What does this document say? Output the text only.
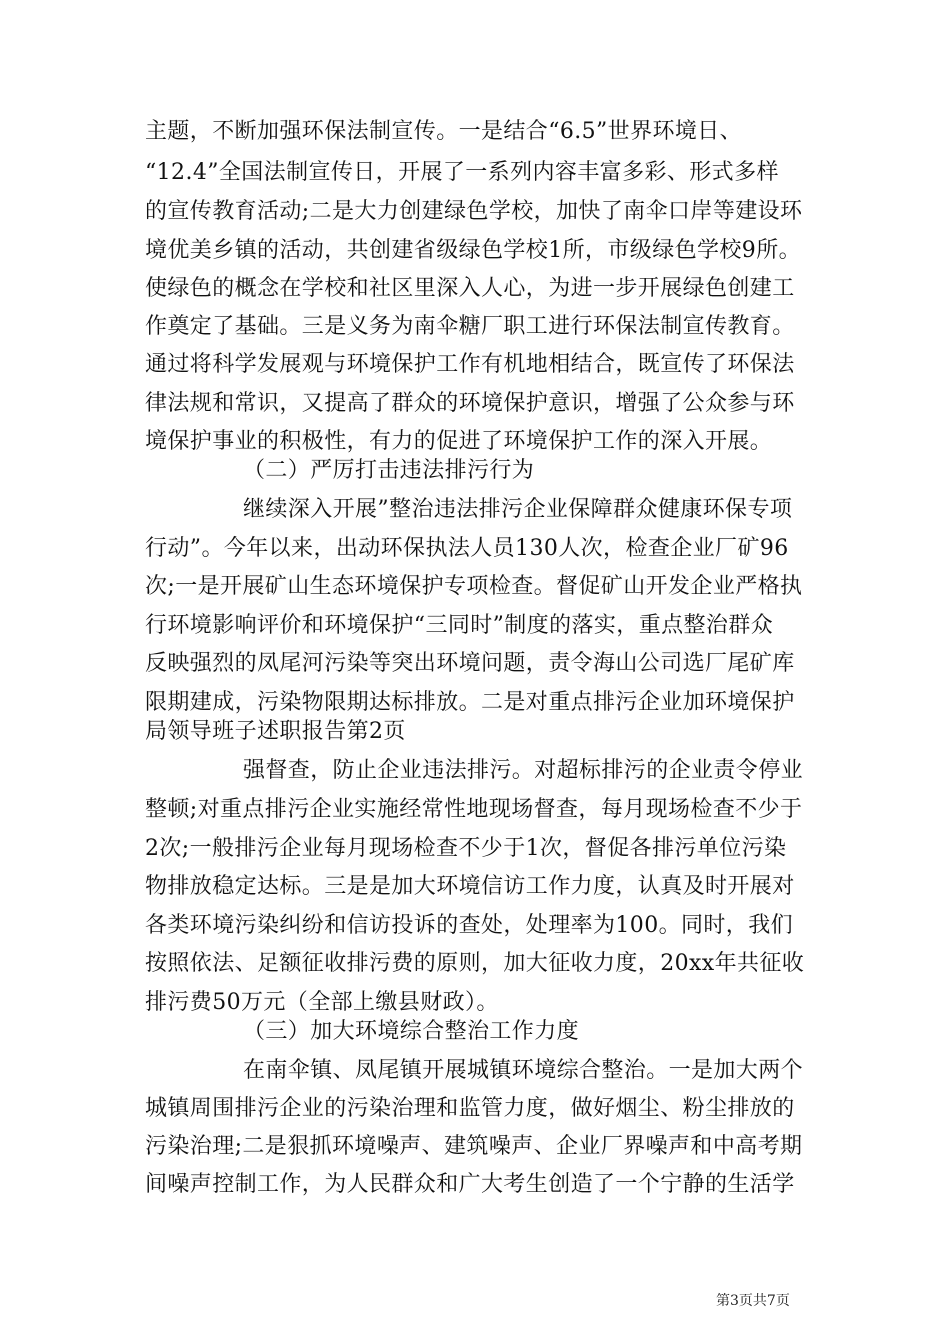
主题，不断加强环保法制宣传。一是结合“6.5”世界环境日、
“12.4”全国法制宣传日，开展了一系列内容丰富多彩、形式多样
的宣传教育活动;二是大力创建绿色学校，加快了南伞口岸等建设环
境优美乡镇的活动，共创建省级绿色学校1所，市级绿色学校9所。
使绿色的概念在学校和社区里深入人心，为进一步开展绿色创建工
作奠定了基础。三是义务为南伞糖厂职工进行环保法制宣传教育。
通过将科学发展观与环境保护工作有机地相结合，既宣传了环保法
律法规和常识，又提高了群众的环境保护意识，增强了公众参与环
境保护事业的积极性，有力的促进了环境保护工作的深入开展。
（二）严厉打击违法排污行为
继续深入开展”整治违法排污企业保障群众健康环保专项
行动”。今年以来，出动环保执法人员130人次，检查企业厂矿96
次;一是开展矿山生态环境保护专项检查。督促矿山开发企业严格执
行环境影响评价和环境保护“三同时”制度的落实，重点整治群众
反映强烈的凤尾河污染等突出环境问题，责令海山公司选厂尾矿库
限期建成，污染物限期达标排放。二是对重点排污企业加环境保护
局领导班子述职报告第2页
强督查，防止企业违法排污。对超标排污的企业责令停业
整顿;对重点排污企业实施经常性地现场督查，每月现场检查不少于
2次;一般排污企业每月现场检查不少于1次，督促各排污单位污染
物排放稳定达标。三是是加大环境信访工作力度，认真及时开展对
各类环境污染纠纷和信访投诉的查处，处理率为100。同时，我们
按照依法、足额征收排污费的原则，加大征收力度，20xx年共征收
排污费50万元（全部上缴县财政）。
（三）加大环境综合整治工作力度
在南伞镇、凤尾镇开展城镇环境综合整治。一是加大两个
城镇周围排污企业的污染治理和监管力度，做好烟尘、粉尘排放的
污染治理;二是狠抓环境噪声、建筑噪声、企业厂界噪声和中高考期
间噪声控制工作，为人民群众和广大考生创造了一个宁静的生活学
第3页共7页
